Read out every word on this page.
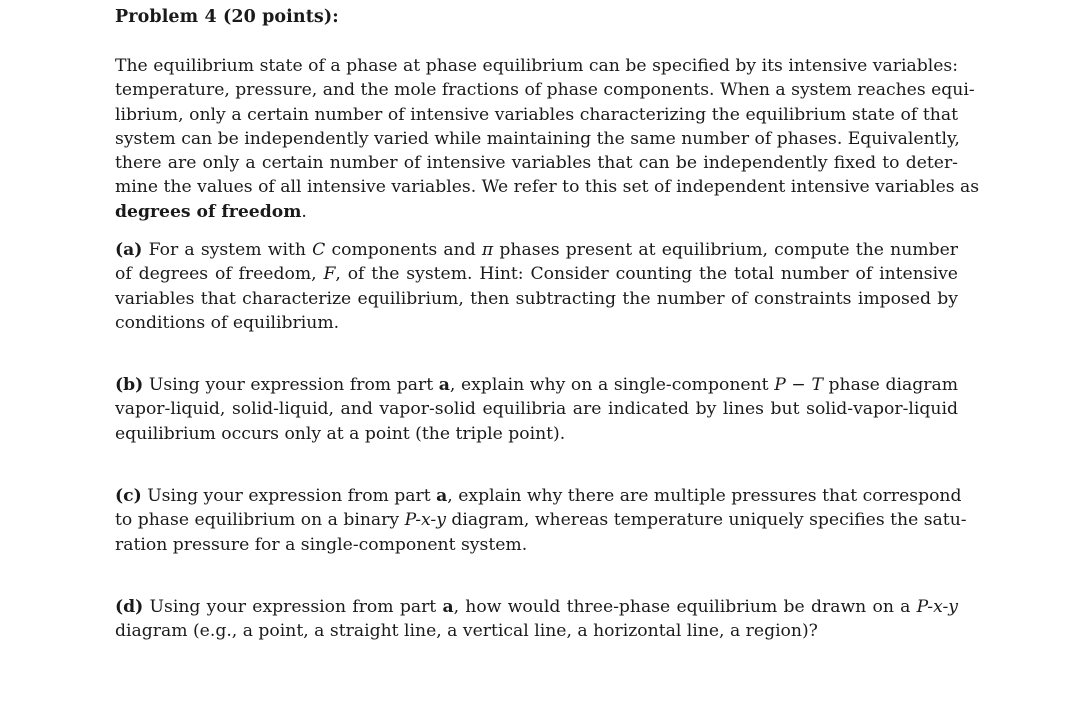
Problem 4 (20 points):
The equilibrium state of a phase at phase equilibrium can be specified by its intensive variables:
temperature, pressure, and the mole fractions of phase components. When a system reaches equi-
librium, only a certain number of intensive variables characterizing the equilibrium state of that
system can be independently varied while maintaining the same number of phases. Equivalently,
there are only a certain number of intensive variables that can be independently fixed to deter-
mine the values of all intensive variables. We refer to this set of independent intensive variables as
degrees of freedom.
(a) For a system with C components and π phases present at equilibrium, compute the number
of degrees of freedom, F, of the system. Hint: Consider counting the total number of intensive
variables that characterize equilibrium, then subtracting the number of constraints imposed by
conditions of equilibrium.
(b) Using your expression from part a, explain why on a single-component P − T phase diagram
vapor-liquid, solid-liquid, and vapor-solid equilibria are indicated by lines but solid-vapor-liquid
equilibrium occurs only at a point (the triple point).
(c) Using your expression from part a, explain why there are multiple pressures that correspond
to phase equilibrium on a binary P-x-y diagram, whereas temperature uniquely specifies the satu-
ration pressure for a single-component system.
(d) Using your expression from part a, how would three-phase equilibrium be drawn on a P-x-y
diagram (e.g., a point, a straight line, a vertical line, a horizontal line, a region)?
